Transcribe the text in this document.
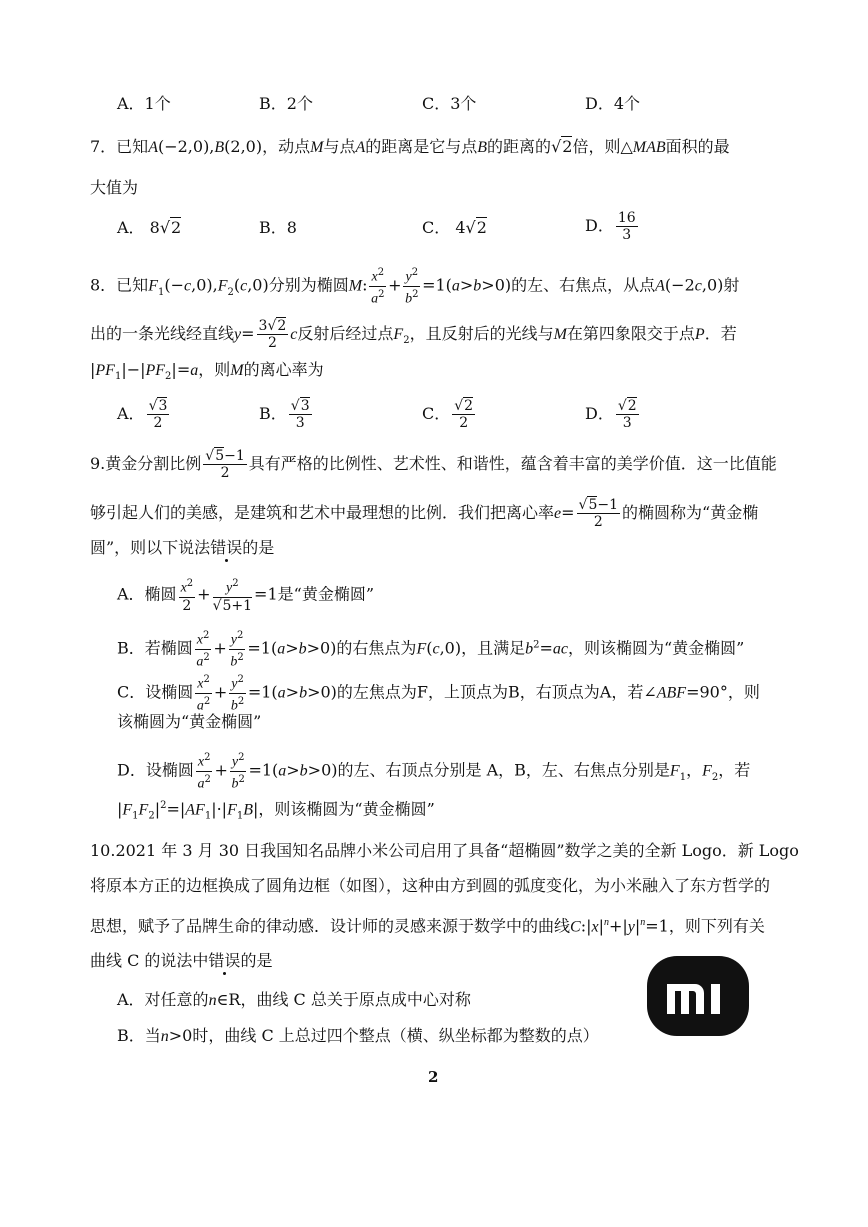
A．1个	B．2个	C．3个	D．4个
7．已知A(−2,0),B(2,0)，动点M与点A的距离是它与点B的距离的√2倍，则△MAB面积的最
大值为
A． 8√2	B．8	C． 4√2	D． $\frac{16}{3}$
8．已知$F_1(-c,0),F_2(c,0)$分别为椭圆M: $\frac{x^2}{a^2} + \frac{y^2}{b^2} =1(a>b>0)$的左、右焦点，从点A(−2c,0)射
出的一条光线经直线$y= \frac{3√2}{2}$ c反射后经过点$F_2$，且反射后的光线与M在第四象限交于点P．若
$|PF_1|-|PF_2|=a$，则M的离心率为
A． $\frac{√3}{2}$	B． $\frac{√3}{3}$	C． $\frac{√2}{2}$	D． $\frac{√2}{3}$
9.黄金分割比例 $\frac{√5-1}{2}$ 具有严格的比例性、艺术性、和谐性，蕴含着丰富的美学价值．这一比值能
够引起人们的美感，是建筑和艺术中最理想的比例．我们把离心率$e= \frac{√5-1}{2}$ 的椭圆称为“黄金椭
圆”，则以下说法错误的是
A．椭圆 $\frac{x^2}{2} + \frac{y^2}{√5+1} =1$是“黄金椭圆”
B．若椭圆 $\frac{x^2}{a^2} + \frac{y^2}{b^2} =1(a>b>0)$的右焦点为F(c,0)，且满足$b^2=ac$，则该椭圆为“黄金椭圆”
C．设椭圆 $\frac{x^2}{a^2} + \frac{y^2}{b^2} =1(a>b>0)$的左焦点为F，上顶点为B，右顶点为A，若∠ABF=90°，则
该椭圆为“黄金椭圆”
D．设椭圆 $\frac{x^2}{a^2} + \frac{y^2}{b^2} =1(a>b>0)$的左、右顶点分别是 A，B，左、右焦点分别是$F_1$，$F_2$，若
$|F_1F_2|^2=|AF_1|\cdot|F_1B|$，则该椭圆为“黄金椭圆”
10.2021 年 3 月 30 日我国知名品牌小米公司启用了具备“超椭圆”数学之美的全新 Logo．新 Logo
将原本方正的边框换成了圆角边框（如图），这种由方到圆的弧度变化，为小米融入了东方哲学的
思想，赋予了品牌生命的律动感．设计师的灵感来源于数学中的曲线$C:|x|^n+|y|^n=1$，则下列有关
曲线 C 的说法中错误的是
A．对任意的n∈R，曲线 C 总关于原点成中心对称
B．当n>0时，曲线 C 上总过四个整点（横、纵坐标都为整数的点）
2
